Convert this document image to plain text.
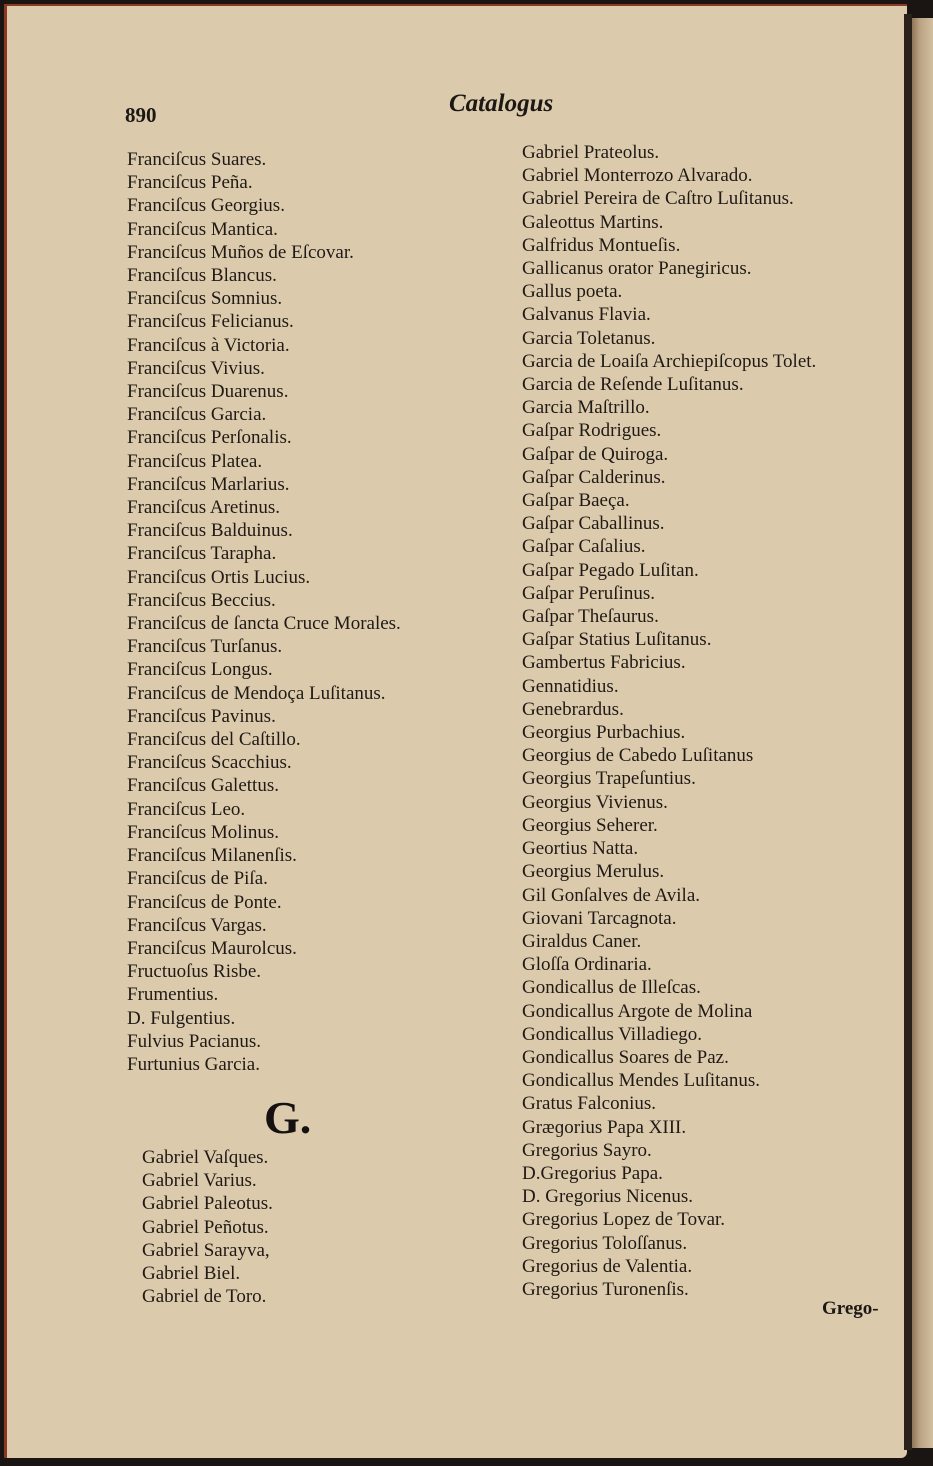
890	Catalogus
Franciſcus Suares.
Franciſcus Peña.
Franciſcus Georgius.
Franciſcus Mantica.
Franciſcus Muños de Eſcovar.
Franciſcus Blancus.
Franciſcus Somnius.
Franciſcus Felicianus.
Franciſcus à Victoria.
Franciſcus Vivius.
Franciſcus Duarenus.
Franciſcus Garcia.
Franciſcus Perſonalis.
Franciſcus Platea.
Franciſcus Marlarius.
Franciſcus Aretinus.
Franciſcus Balduinus.
Franciſcus Tarapha.
Franciſcus Ortis Lucius.
Franciſcus Beccius.
Franciſcus de ſancta Cruce Morales.
Franciſcus Turſanus.
Franciſcus Longus.
Franciſcus de Mendoça Luſitanus.
Franciſcus Pavinus.
Franciſcus del Caſtillo.
Franciſcus Scacchius.
Franciſcus Galettus.
Franciſcus Leo.
Franciſcus Molinus.
Franciſcus Milanenſis.
Franciſcus de Piſa.
Franciſcus de Ponte.
Franciſcus Vargas.
Franciſcus Maurolcus.
Fructuoſus Risbe.
Frumentius.
D. Fulgentius.
Fulvius Pacianus.
Furtunius Garcia.
G.
Gabriel Vaſques.
Gabriel Varius.
Gabriel Paleotus.
Gabriel Peñotus.
Gabriel Sarayva,
Gabriel Biel.
Gabriel de Toro.
Gabriel Prateolus.
Gabriel Monterrozo Alvarado.
Gabriel Pereira de Caſtro Luſitanus.
Galeottus Martins.
Galfridus Montueſis.
Gallicanus orator Panegiricus.
Gallus poeta.
Galvanus Flavia.
Garcia Toletanus.
Garcia de Loaiſa Archiepiſcopus Tolet.
Garcia de Reſende Luſitanus.
Garcia Maſtrillo.
Gaſpar Rodrigues.
Gaſpar de Quiroga.
Gaſpar Calderinus.
Gaſpar Baeça.
Gaſpar Caballinus.
Gaſpar Caſalius.
Gaſpar Pegado Luſitan.
Gaſpar Peruſinus.
Gaſpar Theſaurus.
Gaſpar Statius Luſitanus.
Gambertus Fabricius.
Gennatidius.
Genebrardus.
Georgius Purbachius.
Georgius de Cabedo Luſitanus
Georgius Trapeſuntius.
Georgius Vivienus.
Georgius Seherer.
Geortius Natta.
Georgius Merulus.
Gil Gonſalves de Avila.
Giovani Tarcagnota.
Giraldus Caner.
Gloſſa Ordinaria.
Gondicallus de Illeſcas.
Gondicallus Argote de Molina
Gondicallus Villadiego.
Gondicallus Soares de Paz.
Gondicallus Mendes Luſitanus.
Gratus Falconius.
Græɡorius Papa XIII.
Gregorius Sayro.
D.Gregorius Papa.
D. Gregorius Nicenus.
Gregorius Lopez de Tovar.
Gregorius Toloſſanus.
Gregorius de Valentia.
Gregorius Turonenſis.
Grego-
